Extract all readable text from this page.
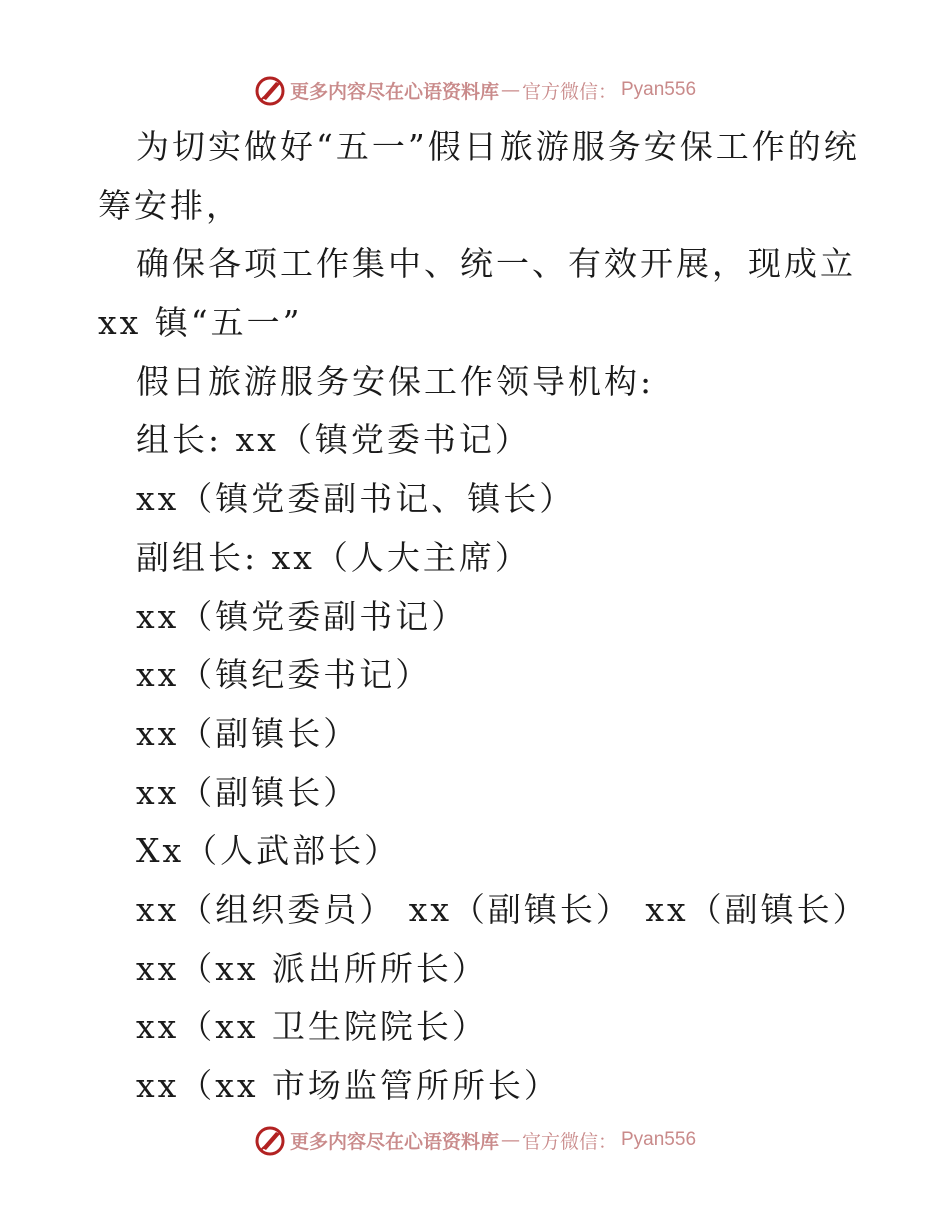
更多内容尽在心语资料库 — 官方微信： Pyan556
为切实做好“五一”假日旅游服务安保工作的统
筹安排，
确保各项工作集中、统一、有效开展，现成立
xx 镇“五一”
假日旅游服务安保工作领导机构:
组长: xx（镇党委书记）
xx（镇党委副书记、镇长）
副组长: xx（人大主席）
xx（镇党委副书记）
xx（镇纪委书记）
xx（副镇长）
xx（副镇长）
Xx（人武部长）
xx（组织委员） xx（副镇长） xx（副镇长）
xx（xx 派出所所长）
xx（xx 卫生院院长）
xx（xx 市场监管所所长）
更多内容尽在心语资料库 — 官方微信： Pyan556
